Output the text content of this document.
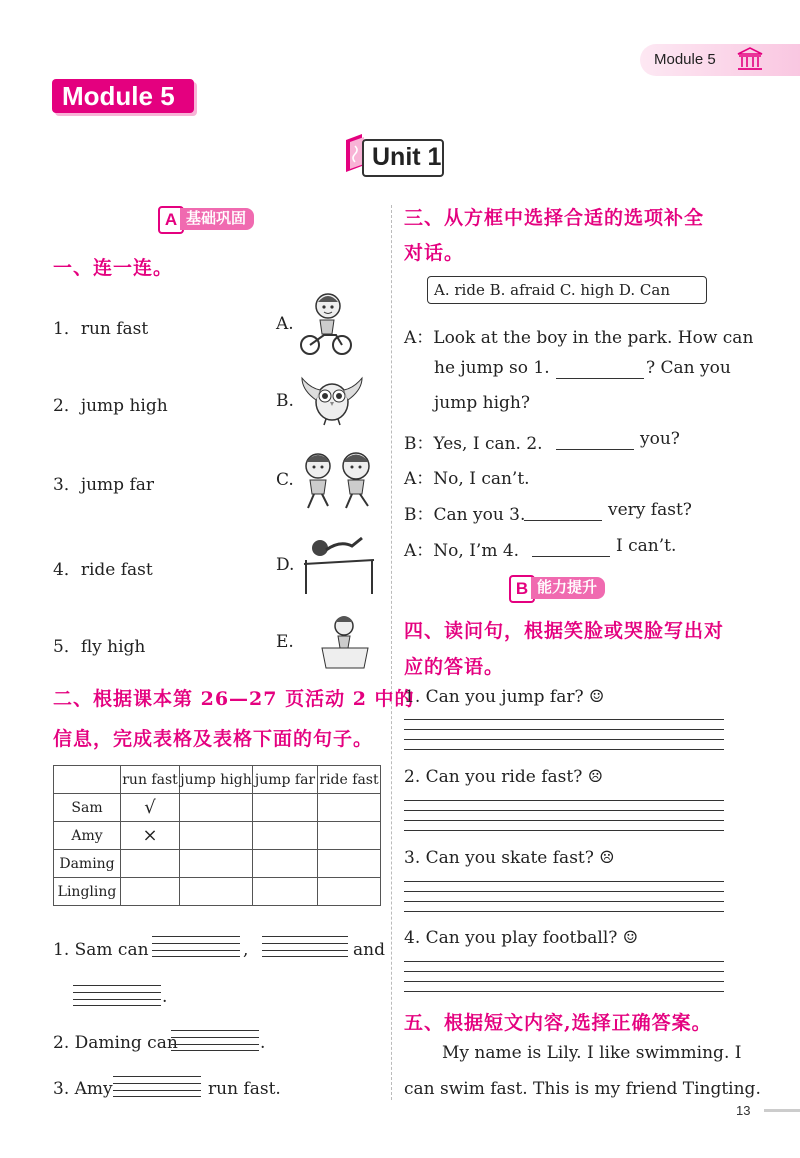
Module 5
Module 5
Unit 1
A 基础巩固
一、连一连。
1．run fast
2．jump high
3．jump far
4．ride fast
5．fly high
A.
B.
C.
D.
E.
二、根据课本第 26—27 页活动 2 中的
信息，完成表格及表格下面的句子。
	run fast	jump high	jump far	ride fast
Sam	√			
Amy	×			
Daming				
Lingling				
1. Sam can	,	and
.
2. Daming can	.
3. Amy	run fast.
三、从方框中选择合适的选项补全
对话。
A. ride B. afraid C. high D. Can
A：Look at the boy in the park. How can
he jump so 1.	? Can you
jump high?
B：Yes, I can. 2.	you?
A：No, I can’t.
B：Can you 3.	very fast?
A：No, I’m 4.	I can’t.
B 能力提升
四、读问句，根据笑脸或哭脸写出对
应的答语。
1. Can you jump far? ☺
2. Can you ride fast? ☹
3. Can you skate fast? ☹
4. Can you play football? ☺
五、根据短文内容,选择正确答案。
My name is Lily. I like swimming. I
can swim fast. This is my friend Tingting.
13
